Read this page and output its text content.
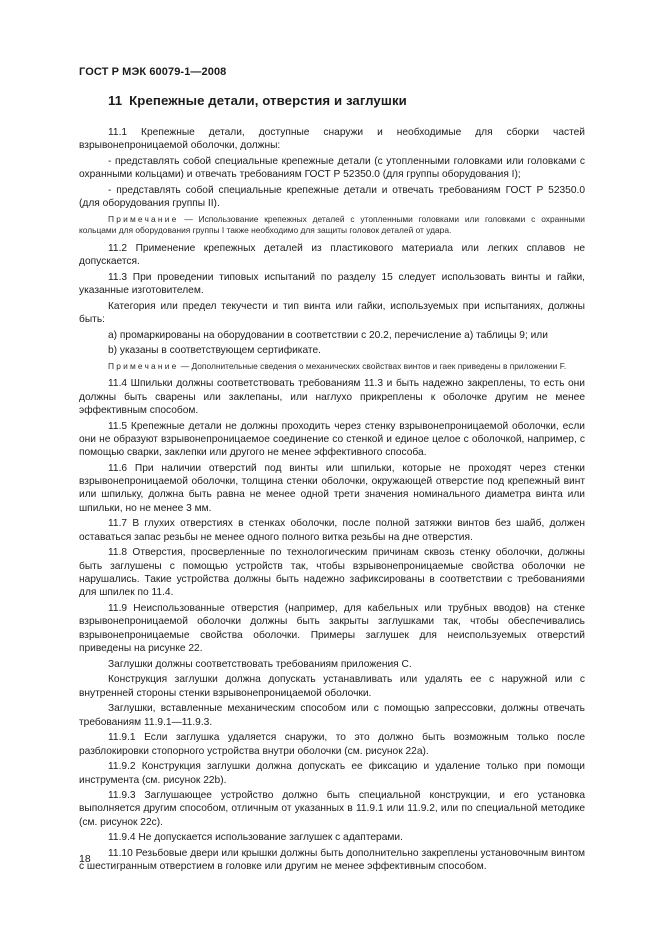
ГОСТ Р МЭК 60079-1—2008
11 Крепежные детали, отверстия и заглушки

11.1 Крепежные детали, доступные снаружи и необходимые для сборки частей взрывонепроницаемой оболочки, должны:

- представлять собой специальные крепежные детали (с утопленными головками или головками с охранными кольцами) и отвечать требованиям ГОСТ Р 52350.0 (для группы оборудования I);

- представлять собой специальные крепежные детали и отвечать требованиям ГОСТ Р 52350.0 (для оборудования группы II).

Примечание — Использование крепежных деталей с утопленными головками или головками с охранными кольцами для оборудования группы I также необходимо для защиты головок деталей от удара.

11.2 Применение крепежных деталей из пластикового материала или легких сплавов не допускается.

11.3 При проведении типовых испытаний по разделу 15 следует использовать винты и гайки, указанные изготовителем.

Категория или предел текучести и тип винта или гайки, используемых при испытаниях, должны быть:

a) промаркированы на оборудовании в соответствии с 20.2, перечисление а) таблицы 9; или

b) указаны в соответствующем сертификате.

Примечание — Дополнительные сведения о механических свойствах винтов и гаек приведены в приложении F.

11.4 Шпильки должны соответствовать требованиям 11.3 и быть надежно закреплены, то есть они должны быть сварены или заклепаны, или наглухо прикреплены к оболочке другим не менее эффективным способом.

11.5 Крепежные детали не должны проходить через стенку взрывонепроницаемой оболочки, если они не образуют взрывонепроницаемое соединение со стенкой и единое целое с оболочкой, например, с помощью сварки, заклепки или другого не менее эффективного способа.

11.6 При наличии отверстий под винты или шпильки, которые не проходят через стенки взрывонепроницаемой оболочки, толщина стенки оболочки, окружающей отверстие под крепежный винт или шпильку, должна быть равна не менее одной трети значения номинального диаметра винта или шпильки, но не менее 3 мм.

11.7 В глухих отверстиях в стенках оболочки, после полной затяжки винтов без шайб, должен оставаться запас резьбы не менее одного полного витка резьбы на дне отверстия.

11.8 Отверстия, просверленные по технологическим причинам сквозь стенку оболочки, должны быть заглушены с помощью устройств так, чтобы взрывонепроницаемые свойства оболочки не нарушались. Такие устройства должны быть надежно зафиксированы в соответствии с требованиями для шпилек по 11.4.

11.9 Неиспользованные отверстия (например, для кабельных или трубных вводов) на стенке взрывонепроницаемой оболочки должны быть закрыты заглушками так, чтобы обеспечивались взрывонепроницаемые свойства оболочки. Примеры заглушек для неиспользуемых отверстий приведены на рисунке 22.

Заглушки должны соответствовать требованиям приложения С.

Конструкция заглушки должна допускать устанавливать или удалять ее с наружной или с внутренней стороны стенки взрывонепроницаемой оболочки.

Заглушки, вставленные механическим способом или с помощью запрессовки, должны отвечать требованиям 11.9.1—11.9.3.

11.9.1 Если заглушка удаляется снаружи, то это должно быть возможным только после разблокировки стопорного устройства внутри оболочки (см. рисунок 22а).

11.9.2 Конструкция заглушки должна допускать ее фиксацию и удаление только при помощи инструмента (см. рисунок 22b).

11.9.3 Заглушающее устройство должно быть специальной конструкции, и его установка выполняется другим способом, отличным от указанных в 11.9.1 или 11.9.2, или по специальной методике (см. рисунок 22с).

11.9.4 Не допускается использование заглушек с адаптерами.

11.10 Резьбовые двери или крышки должны быть дополнительно закреплены установочным винтом с шестигранным отверстием в головке или другим не менее эффективным способом.

18
